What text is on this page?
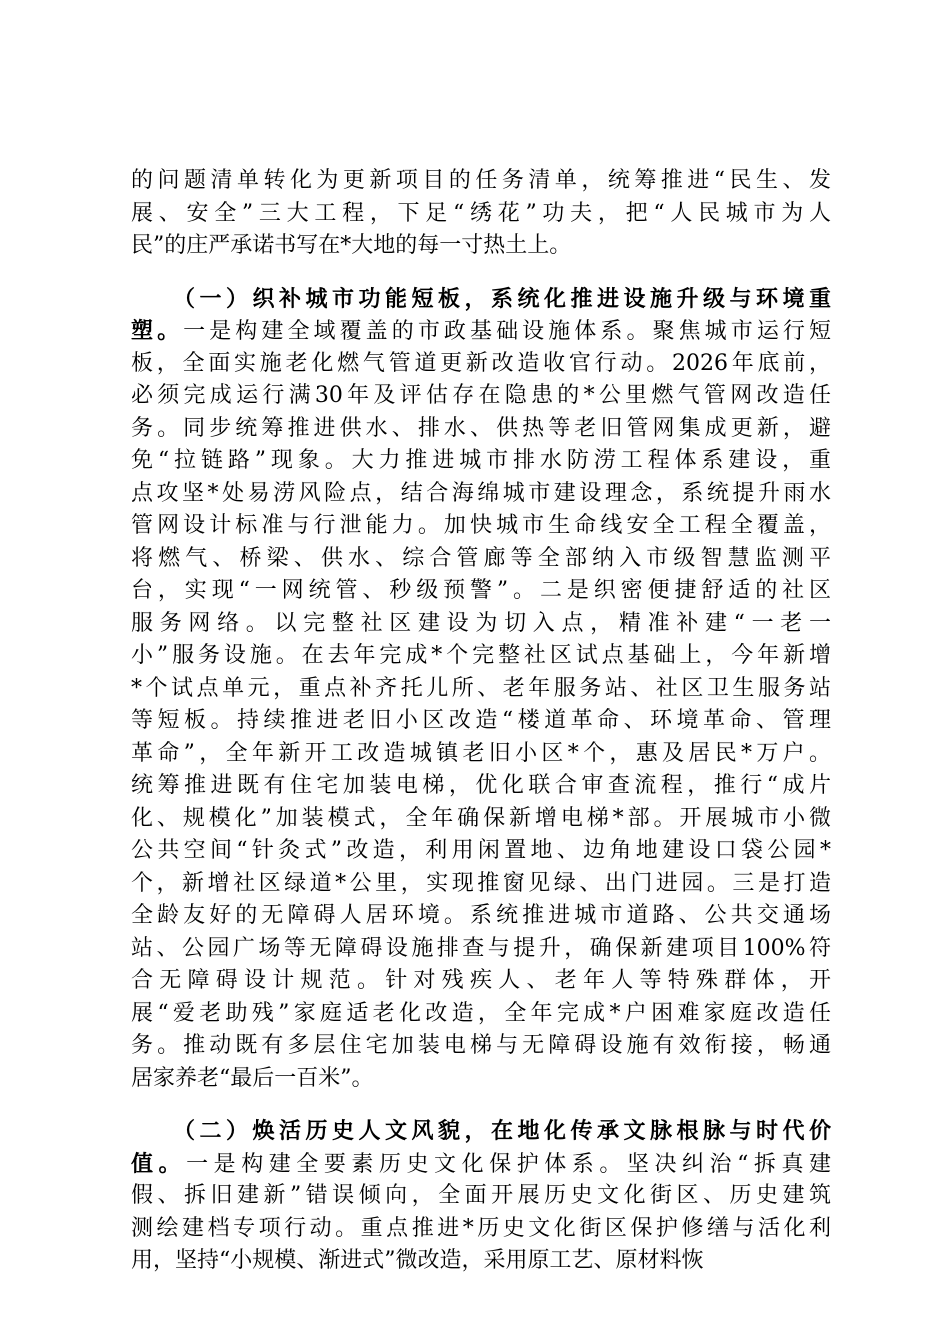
的问题清单转化为更新项目的任务清单，统筹推进“民生、发
展、安全”三大工程，下足“绣花”功夫，把“人民城市为人
民”的庄严承诺书写在*大地的每一寸热土上。
　　（一）织补城市功能短板，系统化推进设施升级与环境重
塑。一是构建全域覆盖的市政基础设施体系。聚焦城市运行短
板，全面实施老化燃气管道更新改造收官行动。2026年底前，
必须完成运行满30年及评估存在隐患的*公里燃气管网改造任
务。同步统筹推进供水、排水、供热等老旧管网集成更新，避
免“拉链路”现象。大力推进城市排水防涝工程体系建设，重
点攻坚*处易涝风险点，结合海绵城市建设理念，系统提升雨水
管网设计标准与行泄能力。加快城市生命线安全工程全覆盖，
将燃气、桥梁、供水、综合管廊等全部纳入市级智慧监测平
台，实现“一网统管、秒级预警”。二是织密便捷舒适的社区
服务网络。以完整社区建设为切入点，精准补建“一老一
小”服务设施。在去年完成*个完整社区试点基础上，今年新增
*个试点单元，重点补齐托儿所、老年服务站、社区卫生服务站
等短板。持续推进老旧小区改造“楼道革命、环境革命、管理
革命”，全年新开工改造城镇老旧小区*个，惠及居民*万户。
统筹推进既有住宅加装电梯，优化联合审查流程，推行“成片
化、规模化”加装模式，全年确保新增电梯*部。开展城市小微
公共空间“针灸式”改造，利用闲置地、边角地建设口袋公园*
个，新增社区绿道*公里，实现推窗见绿、出门进园。三是打造
全龄友好的无障碍人居环境。系统推进城市道路、公共交通场
站、公园广场等无障碍设施排查与提升，确保新建项目100%符
合无障碍设计规范。针对残疾人、老年人等特殊群体，开
展“爱老助残”家庭适老化改造，全年完成*户困难家庭改造任
务。推动既有多层住宅加装电梯与无障碍设施有效衔接，畅通
居家养老“最后一百米”。
　　（二）焕活历史人文风貌，在地化传承文脉根脉与时代价
值。一是构建全要素历史文化保护体系。坚决纠治“拆真建
假、拆旧建新”错误倾向，全面开展历史文化街区、历史建筑
测绘建档专项行动。重点推进*历史文化街区保护修缮与活化利
用，坚持“小规模、渐进式”微改造，采用原工艺、原材料恢
